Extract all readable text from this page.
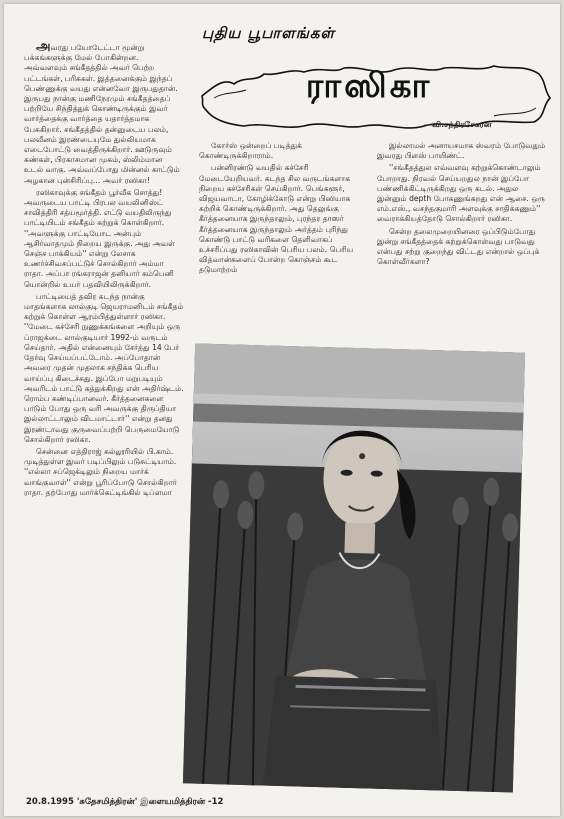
புதிய பூபாளங்கள்
ராஸிகா
—வி.சந்திரசேகரன்

அவரது பயோடேட்டா மூன்று பக்கங்களுக்கு மேல் போகின்றன. அவ்வளவும் சங்கீதத்தில் அவர் பெற்ற பட்டங்கள், பரிசுகள். இத்தனைக்கும் இந்தப் பெண்ணுக்கு வயது என்னவோ இருபதுதான். இருபது நான்கு மணிநேரமும் சங்கீதத்தைப் பற்றியே சிந்தித்துக் கொண்டிருக்கும் இவர் வார்த்தைக்கு வார்த்தை யதார்த்தமாக பேசுகிறார். சங்கீதத்தில் தன்னுடைய பலம், பலவீனம் இரண்டையுமே துல்லியமாக எடைபோட்டு வைத்திருக்கிறார். ஊடுருவும் கண்கள், பிரகாசமான முகம், ஸ்லிம்மான உடல் வாகு. அவ்வப்போது மின்னல் காட்டும் அழகான புன்சிரிப்பு... அவர் ரஸிகா!

ரஸிகாவுக்கு சங்கீதம் பூர்வீக சொத்து! அவருடைய பாட்டி பிரபல வயலினிஸ்ட் சாவித்திரி சத்யமூர்த்தி. எட்டு வயதிலிருந்து பாட்டியிடம் சங்கீதம் கற்றுக் கொள்கிறார். ''அவளுக்கு பாட்டியோட அன்பும் ஆசிர்வாதமும் நிறைய இருக்கு. அது அவள் செஞ்ச பாக்கியம்'' என்று லேசாக உணர்ச்சிவசப்பட்டுச் சொல்கிறார் அம்மா ராதா. அப்பா ரங்கராஜன் தனியார் கம்பெனி யொன்றில் உயர் பதவியிலிருக்கிறார்.

பாட்டியைத் தவிர கடந்த நான்கு மாதங்களாக லால்குடி ஜெயராமனிடம் சங்கீதம் கற்றுக் கொள்ள ஆரம்பித்துள்ளார் ரஸிகா. ''மேடை கச்சேரி நுணுக்கங்களை அறியும் ஒரு ப்ராஜக்டை லால்குடியார் 1992-ம் வருடம் செய்தார். அதில் என்னையும் சேர்த்து 14 பேர் தேர்வு செய்யப்பட்டோம். அப்போதான் அவரை முதன் முதலாக சந்திக்க பெரிய வாய்ப்பு கிடைச்சுது. இப்போ மறுபடியும் அவரிடம் பாட்டு கத்துக்கிறது என் அதிர்ஷ்டம். ரொம்ப கண்டிப்பானவர். கீர்த்தனைகளை பாடும் போது ஒரு வரி அவருக்கு திருப்தியா இல்லாட்டாலும் விடமாட்டார்'' என்று தனது இரண்டாவது குருவைப்பற்றி பெருமையோடு சொல்கிறார் ரஸிகா.

சென்னை எத்திராஜ் கல்லூரியில் பி.காம். முடித்துள்ள இவர் படிப்பிலும் படுசுட்டியாம். ''எல்லா சப்ஜெக்டிலும் நிறைய மார்க் வாங்குவாள்'' என்று பூரிப்போடு சொல்கிறார் ராதா. தற்போது மார்க்கெட்டிங்கில் டிப்ளமா

கோர்ஸ் ஒன்றைப் படித்துக் கொண்டிருக்கிறாராம்.

பன்னிரண்டு வயதில் கச்சேரி மேடையேறியவர். கடந்த சில வருடங்களாக நிறைய கச்சேரிகள் செய்கிறார். பெங்களூர், விஜயவாடா, கோழிக்கோடு என்று பிஸியாக சுற்றிக் கொண்டிருக்கிறார். அது தெலுங்கு கீர்த்தனையாக இருந்தாலும், புரந்தர தாஸர் கீர்த்தனையாக இருந்தாலும் அர்த்தம் புரிந்து கொண்டு பாட்டு வரிகளை தெளிவாகப் உச்சரிப்பது ரஸிகாவின் பெரிய பலம். பெரிய வித்வான்களைப் போன்ற கொஞ்சம் கூட தடுமாற்றம்

இல்லாமல் அனாயசமாக ஸ்வரம் போடுவதும் இவரது பிளஸ் பாயிண்ட்.

''சங்கீதத்துல எவ்வளவு கற்றுக்கொண்டாலும் போறாது. நிரவல் செய்யறதுல நான் இப்போ பண்ணிக்கிட்டிருக்கிறது ஒரு கடல். அதுல இன்னும் depth போகணுங்கறது என் ஆசை. ஒரு எம்.எஸ்., வசந்தகுமாரி அளவுக்கு சாதிக்கணும்'' வைராக்கியத்தோடு சொல்கிறார் ரஸிகா.

சென்ற தலைமுறையினரை ஒப்பிடும்போது இன்று சங்கீதத்தைக் கற்றுக்கொள்வது பாடுவது என்பது சற்று குறைந்து விட்டது என்றால் ஒப்புக் கொள்வீர்களா?

20.8.1995 'சுதேசமித்திரன்' இளையமித்திரன் -12
